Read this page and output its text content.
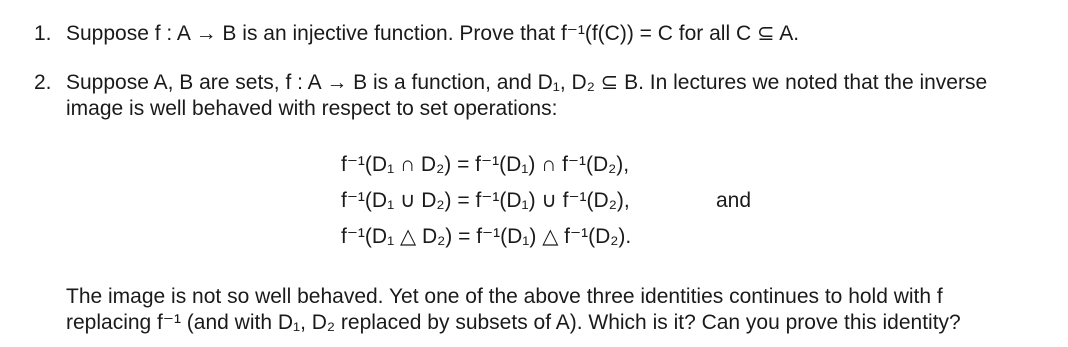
1. Suppose f : A → B is an injective function. Prove that f⁻¹(f(C)) = C for all C ⊆ A.
2. Suppose A, B are sets, f : A → B is a function, and D₁, D₂ ⊆ B. In lectures we noted that the inverse
image is well behaved with respect to set operations:
f⁻¹(D₁ ∩ D₂) = f⁻¹(D₁) ∩ f⁻¹(D₂),
f⁻¹(D₁ ∪ D₂) = f⁻¹(D₁) ∪ f⁻¹(D₂),
f⁻¹(D₁ △ D₂) = f⁻¹(D₁) △ f⁻¹(D₂).
and
The image is not so well behaved. Yet one of the above three identities continues to hold with f
replacing f⁻¹ (and with D₁, D₂ replaced by subsets of A). Which is it? Can you prove this identity?
